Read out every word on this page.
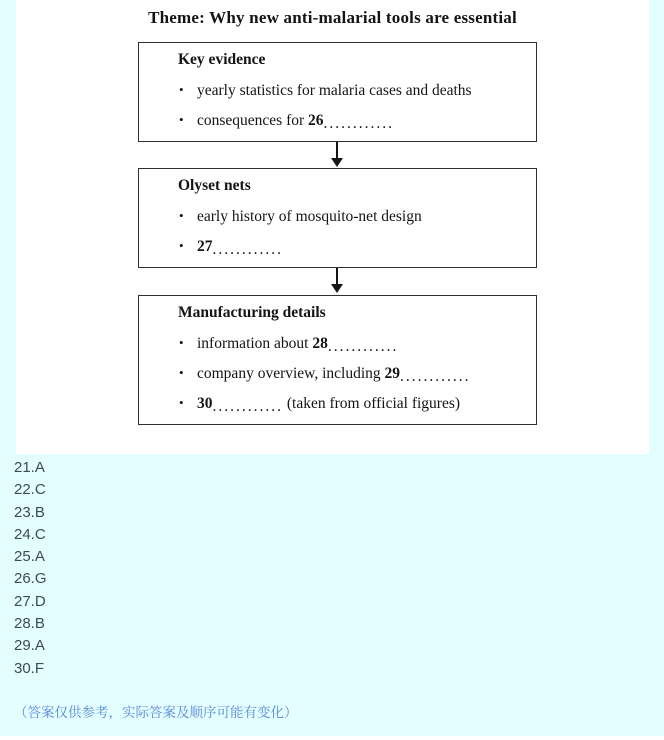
Theme: Why new anti-malarial tools are essential
Key evidence
• yearly statistics for malaria cases and deaths
• consequences for 26............
Olyset nets
• early history of mosquito-net design
• 27............
Manufacturing details
• information about 28............
• company overview, including 29............
• 30............ (taken from official figures)
21.A
22.C
23.B
24.C
25.A
26.G
27.D
28.B
29.A
30.F
（答案仅供参考，实际答案及顺序可能有变化）
